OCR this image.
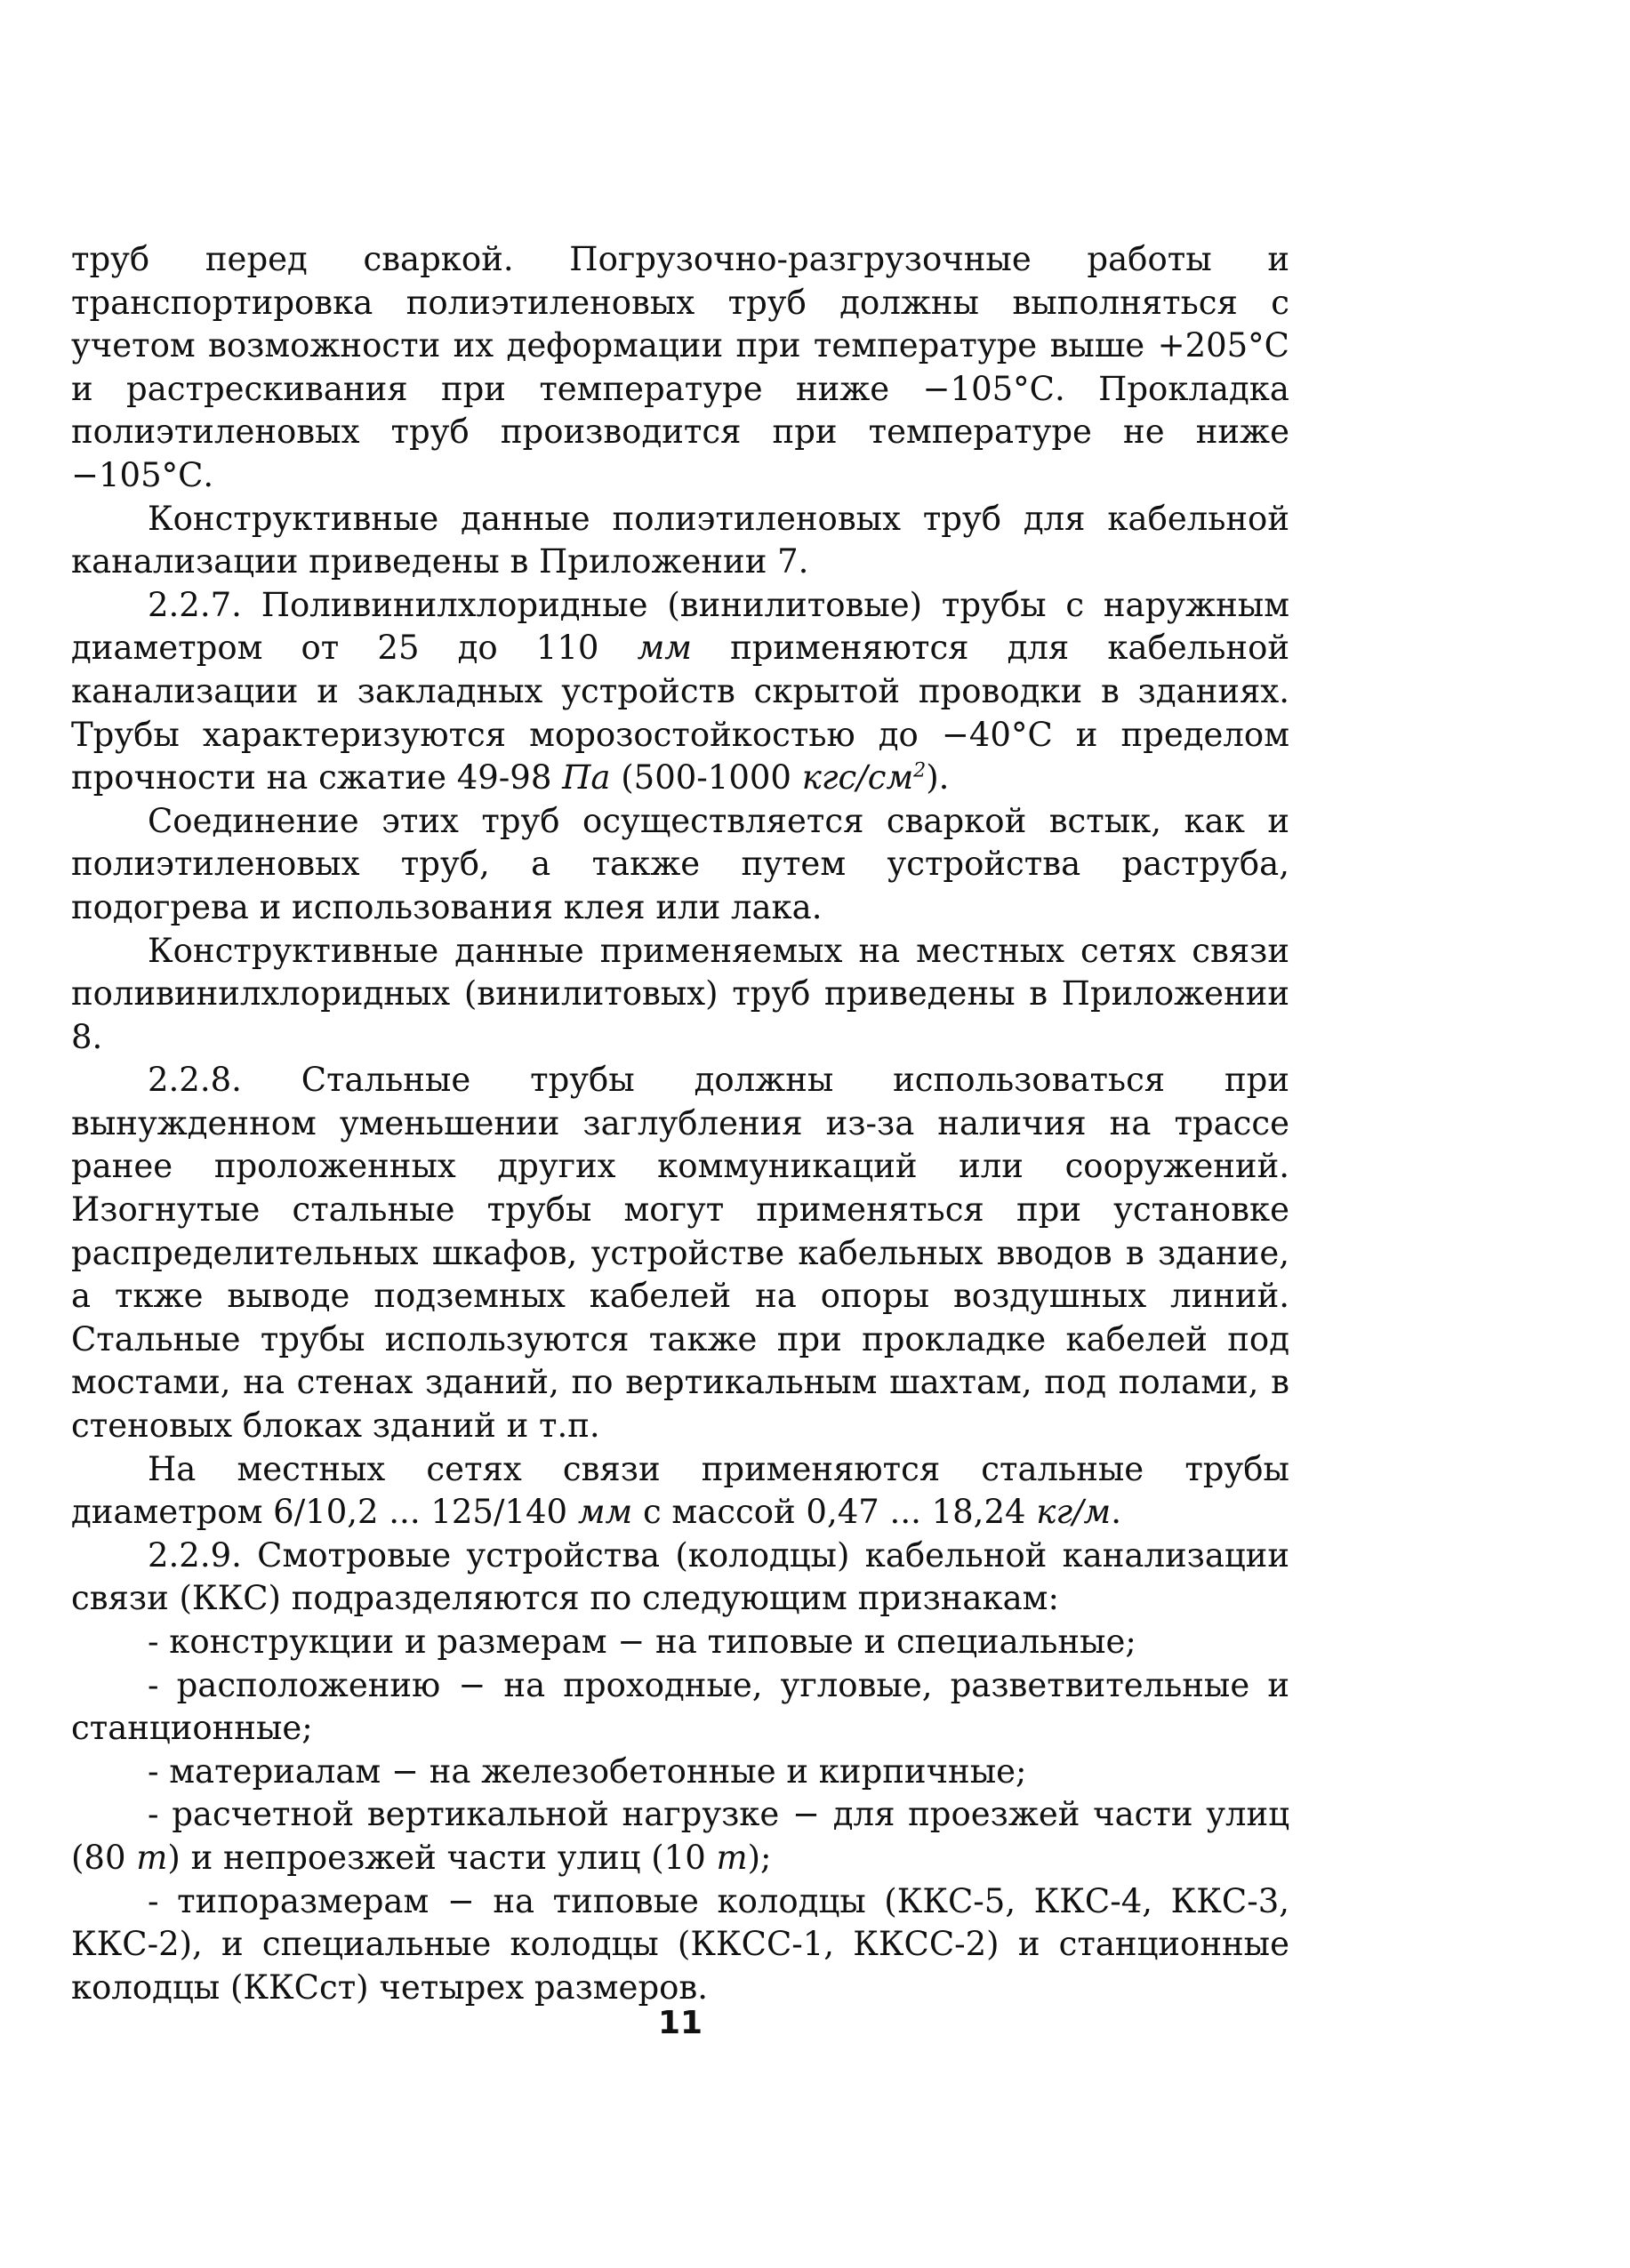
труб перед сваркой. Погрузочно-разгрузочные работы и транспортировка полиэтиленовых труб должны выполняться с учетом возможности их деформации при температуре выше +205°С и растрескивания при температуре ниже −105°С. Прокладка полиэтиленовых труб производится при температуре не ниже −105°С.

Конструктивные данные полиэтиленовых труб для кабельной канализации приведены в Приложении 7.

2.2.7. Поливинилхлоридные (винилитовые) трубы с наружным диаметром от 25 до 110 мм применяются для кабельной канализации и закладных устройств скрытой проводки в зданиях. Трубы характеризуются морозостойкостью до −40°С и пределом прочности на сжатие 49-98 Па (500-1000 кгс/$см^2$).

Соединение этих труб осуществляется сваркой встык, как и полиэтиленовых труб, а также путем устройства раструба, подогрева и использования клея или лака.

Конструктивные данные применяемых на местных сетях связи поливинилхлоридных (винилитовых) труб приведены в Приложении 8.

2.2.8. Стальные трубы должны использоваться при вынужденном уменьшении заглубления из-за наличия на трассе ранее проложенных других коммуникаций или сооружений. Изогнутые стальные трубы могут применяться при установке распределительных шкафов, устройстве кабельных вводов в здание, а ткже выводе подземных кабелей на опоры воздушных линий. Стальные трубы используются также при прокладке кабелей под мостами, на стенах зданий, по вертикальным шахтам, под полами, в стеновых блоках зданий и т.п.

На местных сетях связи применяются стальные трубы диаметром 6/10,2 ... 125/140 мм с массой 0,47 ... 18,24 кг/м.

2.2.9. Смотровые устройства (колодцы) кабельной канализации связи (ККС) подразделяются по следующим признакам:

- конструкции и размерам − на типовые и специальные;

- расположению − на проходные, угловые, разветвительные и станционные;

- материалам − на железобетонные и кирпичные;

- расчетной вертикальной нагрузке − для проезжей части улиц (80 т) и непроезжей части улиц (10 т);

- типоразмерам − на типовые колодцы (ККС-5, ККС-4, ККС-3, ККС-2), и специальные колодцы (ККСС-1, ККСС-2) и станционные колодцы (ККСст) четырех размеров.

11
